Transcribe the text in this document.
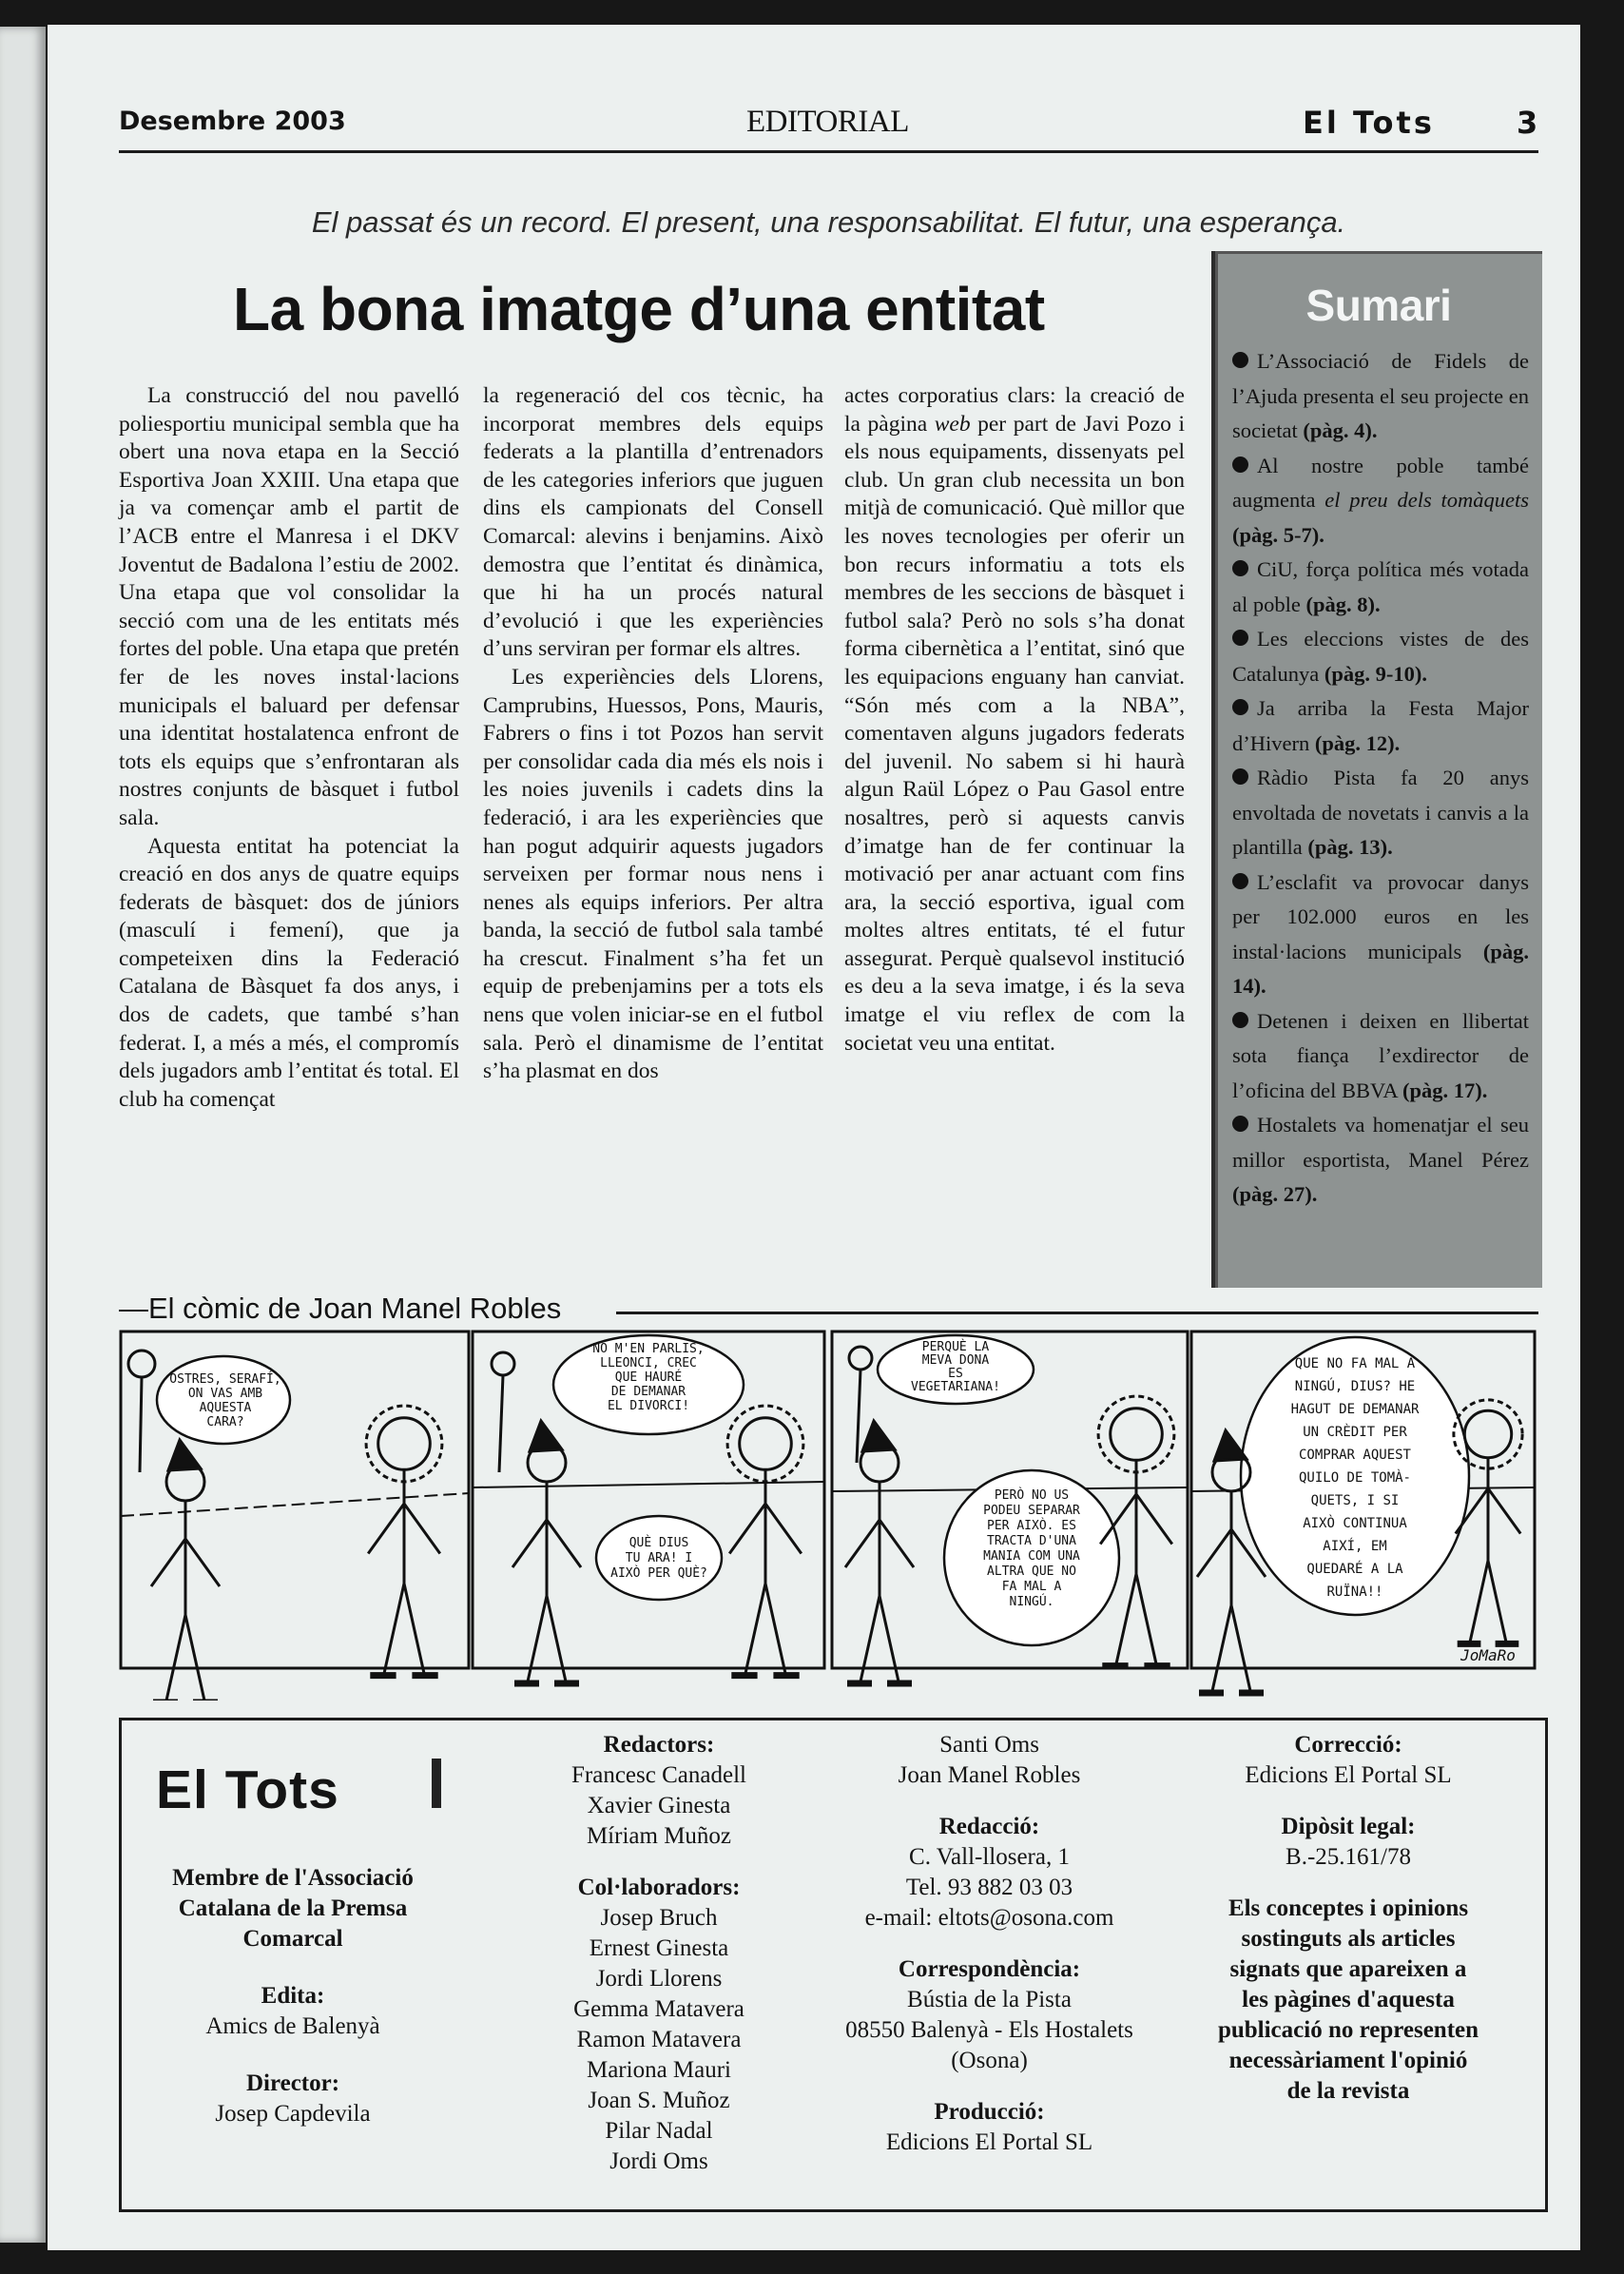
Desembre 2003	EDITORIAL	El Tots	3
El passat és un record. El present, una responsabilitat. El futur, una esperança.
La bona imatge d’una entitat

La construcció del nou pavelló poliesportiu municipal sembla que ha obert una nova etapa en la Secció Esportiva Joan XXIII. Una etapa que ja va començar amb el partit de l’ACB entre el Manresa i el DKV Joventut de Badalona l’estiu de 2002. Una etapa que vol consolidar la secció com una de les entitats més fortes del poble. Una etapa que pretén fer de les noves instal·lacions municipals el baluard per defensar una identitat hostalatenca enfront de tots els equips que s’enfrontaran als nostres conjunts de bàsquet i futbol sala.

Aquesta entitat ha potenciat la creació en dos anys de quatre equips federats de bàsquet: dos de júniors (masculí i femení), que ja competeixen dins la Federació Catalana de Bàsquet fa dos anys, i dos de cadets, que també s’han federat. I, a més a més, el compromís dels jugadors amb l’entitat és total. El club ha començat

la regeneració del cos tècnic, ha incorporat membres dels equips federats a la plantilla d’entrenadors de les categories inferiors que juguen dins els campionats del Consell Comarcal: alevins i benjamins. Això demostra que l’entitat és dinàmica, que hi ha un procés natural d’evolució i que les experiències d’uns serviran per formar els altres.

Les experiències dels Llorens, Camprubins, Huessos, Pons, Mauris, Fabrers o fins i tot Pozos han servit per consolidar cada dia més els nois i les noies juvenils i cadets dins la federació, i ara les experiències que han pogut adquirir aquests jugadors serveixen per formar nous nens i nenes als equips inferiors. Per altra banda, la secció de futbol sala també ha crescut. Finalment s’ha fet un equip de prebenjamins per a tots els nens que volen iniciar-se en el futbol sala. Però el dinamisme de l’entitat s’ha plasmat en dos

actes corporatius clars: la creació de la pàgina web per part de Javi Pozo i els nous equipaments, dissenyats pel club. Un gran club necessita un bon mitjà de comunicació. Què millor que les noves tecnologies per oferir un bon recurs informatiu a tots els membres de les seccions de bàsquet i futbol sala? Però no sols s’ha donat forma cibernètica a l’entitat, sinó que les equipacions enguany han canviat. “Són més com a la NBA”, comentaven alguns jugadors federats del juvenil. No sabem si hi haurà algun Raül López o Pau Gasol entre nosaltres, però si aquests canvis d’imatge han de fer continuar la motivació per anar actuant com fins ara, la secció esportiva, igual com moltes altres entitats, té el futur assegurat. Perquè qualsevol institució es deu a la seva imatge, i és la seva imatge el viu reflex de com la societat veu una entitat.

Sumari

L’Associació de Fidels de l’Ajuda presenta el seu projecte en societat (pàg. 4).

Al nostre poble també augmenta el preu dels tomàquets (pàg. 5-7).

CiU, força política més votada al poble (pàg. 8).

Les eleccions vistes de des Catalunya (pàg. 9-10).

Ja arriba la Festa Major d’Hivern (pàg. 12).

Ràdio Pista fa 20 anys envoltada de novetats i canvis a la plantilla (pàg. 13).

L’esclafit va provocar danys per 102.000 euros en les instal·lacions municipals (pàg. 14).

Detenen i deixen en llibertat sota fiança l’exdirector de l’oficina del BBVA (pàg. 17).

Hostalets va homenatjar el seu millor esportista, Manel Pérez (pàg. 27).

—El còmic de Joan Manel Robles
OSTRES, SERAFÍ,
ON VAS AMB
AQUESTA
CARA?
NO M'EN PARLIS,
LLEONCI, CREC
QUE HAURÉ
DE DEMANAR
EL DIVORCI!
QUÈ DIUS
TU ARA! I
AIXÒ PER QUÈ?
PERQUÈ LA
MEVA DONA
ES
VEGETARIANA!
PERÒ NO US
PODEU SEPARAR
PER AIXÒ. ES
TRACTA D'UNA
MANIA COM UNA
ALTRA QUE NO
FA MAL A
NINGÚ.
QUE NO FA MAL A
NINGÚ, DIUS? HE
HAGUT DE DEMANAR
UN CRÈDIT PER
COMPRAR AQUEST
QUILO DE TOMÀ-
QUETS, I SI
AIXÒ CONTINUA
AIXÍ, EM
QUEDARÉ A LA
RUÏNA!!
JoMaRo
El Tots
Membre de l'Associació
Catalana de la Premsa
Comarcal
Edita:
Amics de Balenyà
Director:
Josep Capdevila
Redactors:
Francesc Canadell
Xavier Ginesta
Míriam Muñoz
Col·laboradors:
Josep Bruch
Ernest Ginesta
Jordi Llorens
Gemma Matavera
Ramon Matavera
Mariona Mauri
Joan S. Muñoz
Pilar Nadal
Jordi Oms
Santi Oms
Joan Manel Robles
Redacció:
C. Vall-llosera, 1
Tel. 93 882 03 03
e-mail: eltots@osona.com
Correspondència:
Bústia de la Pista
08550 Balenyà - Els Hostalets
(Osona)
Producció:
Edicions El Portal SL
Correcció:
Edicions El Portal SL
Dipòsit legal:
B.-25.161/78
Els conceptes i opinions
sostinguts als articles
signats que apareixen a
les pàgines d'aquesta
publicació no representen
necessàriament l'opinió
de la revista
